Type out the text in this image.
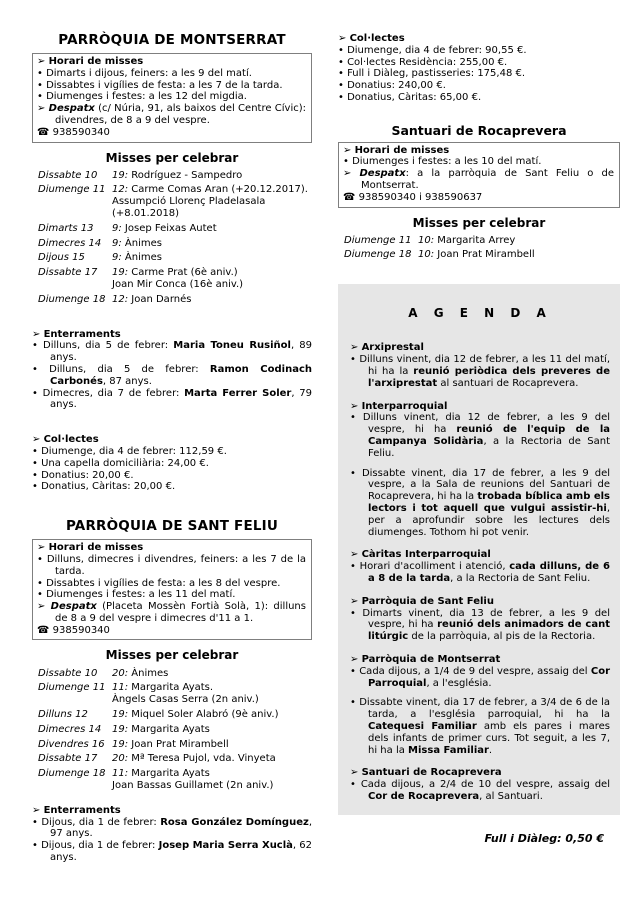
PARRÒQUIA DE MONTSERRAT
➢ Horari de misses
• Dimarts i dijous, feiners: a les 9 del matí.
• Dissabtes i vigílies de festa: a les 7 de la tarda.
• Diumenges i festes: a les 12 del migdia.
➢ Despatx (c/ Núria, 91, als baixos del Centre Cívic): divendres, de 8 a 9 del vespre.
☎ 938590340
Misses per celebrar
Dissabte 10	19: Rodríguez - Sampedro
Diumenge 11 12: Carme Comas Aran (+20.12.2017).
Assumpció Llorenç Pladelasala
(+8.01.2018)
Dimarts 13	9: Josep Feixas Autet
Dimecres 14	9: Ànimes
Dijous 15	9: Ànimes
Dissabte 17	19: Carme Prat (6è aniv.)
Joan Mir Conca (16è aniv.)
Diumenge 18 12: Joan Darnés
➢ Enterraments
• Dilluns, dia 5 de febrer: Maria Toneu Rusiñol, 89 anys.
• Dilluns, dia 5 de febrer: Ramon Codinach Carbonés, 87 anys.
• Dimecres, dia 7 de febrer: Marta Ferrer Soler, 79 anys.
➢ Col·lectes
• Diumenge, dia 4 de febrer: 112,59 €.
• Una capella domiciliària: 24,00 €.
• Donatius: 20,00 €.
• Donatius, Càritas: 20,00 €.
PARRÒQUIA DE SANT FELIU
➢ Horari de misses
• Dilluns, dimecres i divendres, feiners: a les 7 de la tarda.
• Dissabtes i vigílies de festa: a les 8 del vespre.
• Diumenges i festes: a les 11 del matí.
➢ Despatx (Placeta Mossèn Fortià Solà, 1): dilluns de 8 a 9 del vespre i dimecres d'11 a 1.
☎ 938590340
Misses per celebrar
Dissabte 10	20: Ànimes
Diumenge 11 11: Margarita Ayats.
Àngels Casas Serra (2n aniv.)
Dilluns 12	19: Miquel Soler Alabró (9è aniv.)
Dimecres 14	19: Margarita Ayats
Divendres 16 19: Joan Prat Mirambell
Dissabte 17	20: Mª Teresa Pujol, vda. Vinyeta
Diumenge 18 11: Margarita Ayats
Joan Bassas Guillamet (2n aniv.)
➢ Enterraments
• Dijous, dia 1 de febrer: Rosa González Domínguez, 97 anys.
• Dijous, dia 1 de febrer: Josep Maria Serra Xuclà, 62 anys.
➢ Col·lectes
• Diumenge, dia 4 de febrer: 90,55 €.
• Col·lectes Residència: 255,00 €.
• Full i Diàleg, pastisseries: 175,48 €.
• Donatius: 240,00 €.
• Donatius, Càritas: 65,00 €.
Santuari de Rocaprevera
➢ Horari de misses
• Diumenges i festes: a les 10 del matí.
➢ Despatx: a la parròquia de Sant Feliu o de Montserrat.
☎ 938590340 i 938590637
Misses per celebrar
Diumenge 11 10: Margarita Arrey
Diumenge 18 10: Joan Prat Mirambell
A G E N D A
➢ Arxiprestal
• Dilluns vinent, dia 12 de febrer, a les 11 del matí, hi ha la reunió periòdica dels preveres de l'arxiprestat al santuari de Rocaprevera.
➢ Interparroquial
• Dilluns vinent, dia 12 de febrer, a les 9 del vespre, hi ha reunió de l'equip de la Campanya Solidària, a la Rectoria de Sant Feliu.
• Dissabte vinent, dia 17 de febrer, a les 9 del vespre, a la Sala de reunions del Santuari de Rocaprevera, hi ha la trobada bíblica amb els lectors i tot aquell que vulgui assistir-hi, per a aprofundir sobre les lectures dels diumenges. Tothom hi pot venir.
➢ Càritas Interparroquial
• Horari d'acolliment i atenció, cada dilluns, de 6 a 8 de la tarda, a la Rectoria de Sant Feliu.
➢ Parròquia de Sant Feliu
• Dimarts vinent, dia 13 de febrer, a les 9 del vespre, hi ha reunió dels animadors de cant litúrgic de la parròquia, al pis de la Rectoria.
➢ Parròquia de Montserrat
• Cada dijous, a 1/4 de 9 del vespre, assaig del Cor Parroquial, a l'església.
• Dissabte vinent, dia 17 de febrer, a 3/4 de 6 de la tarda, a l'església parroquial, hi ha la Catequesi Familiar amb els pares i mares dels infants de primer curs. Tot seguit, a les 7, hi ha la Missa Familiar.
➢ Santuari de Rocaprevera
• Cada dijous, a 2/4 de 10 del vespre, assaig del Cor de Rocaprevera, al Santuari.
Full i Diàleg: 0,50 €
